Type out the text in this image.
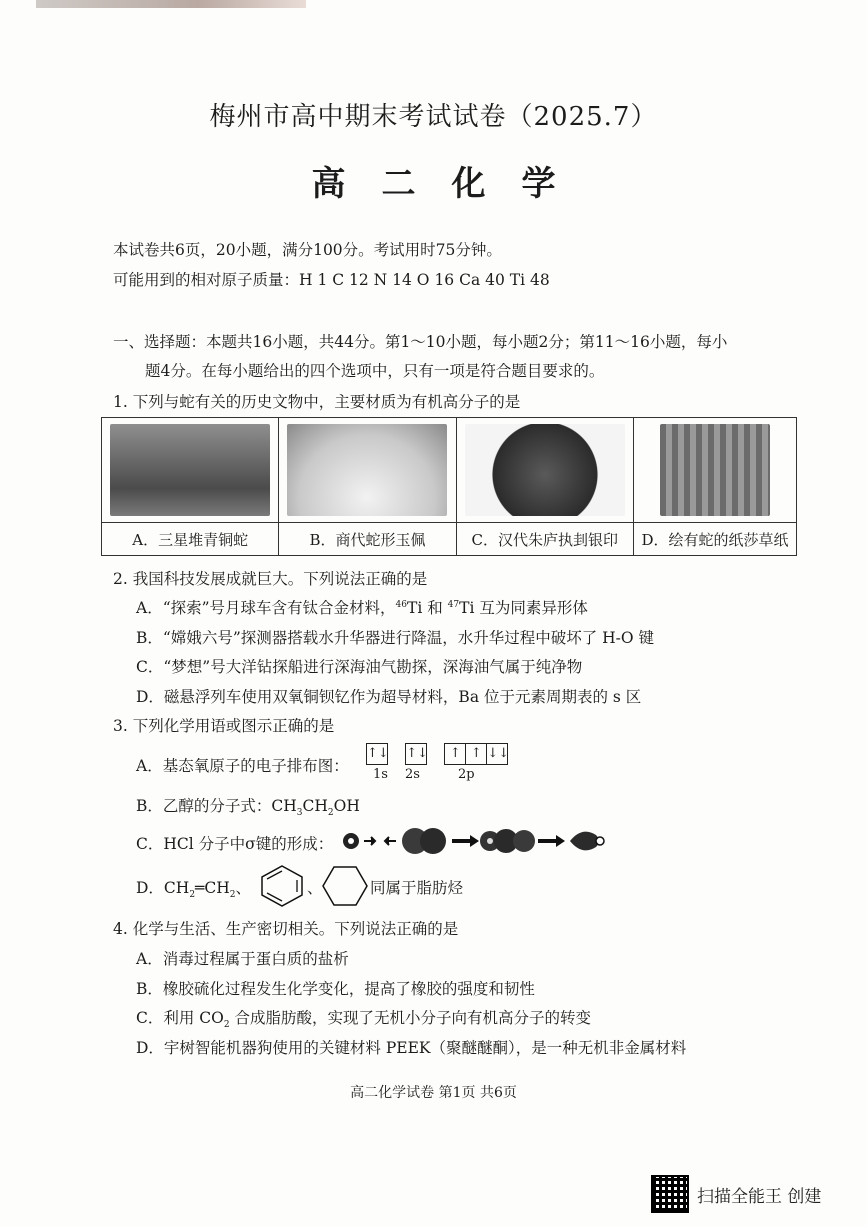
梅州市高中期末考试试卷（2025.7）
高二化学
本试卷共6页，20小题，满分100分。考试用时75分钟。
可能用到的相对原子质量：H 1 C 12 N 14 O 16 Ca 40 Ti 48
一、选择题：本题共16小题，共44分。第1～10小题，每小题2分；第11～16小题，每小
题4分。在每小题给出的四个选项中，只有一项是符合题目要求的。
1. 下列与蛇有关的历史文物中，主要材质为有机高分子的是

A．三星堆青铜蛇	B．商代蛇形玉佩	C．汉代朱庐执刲银印	D．绘有蛇的纸莎草纸
2. 我国科技发展成就巨大。下列说法正确的是
A．“探索”号月球车含有钛合金材料，$^{46}$Ti 和 $^{47}$Ti 互为同素异形体
B．“嫦娥六号”探测器搭载水升华器进行降温，水升华过程中破坏了 H-O 键
C．“梦想”号大洋钻探船进行深海油气勘探，深海油气属于纯净物
D．磁悬浮列车使用双氧铜钡钇作为超导材料，Ba 位于元素周期表的 s 区
3. 下列化学用语或图示正确的是
A．基态氧原子的电子排布图：
↑↓ ↑↓ ↑ ↑ ↓↓
1s 2s	2p
B．乙醇的分子式：$CH_3CH_2OH$
C．HCl 分子中σ键的形成：
D．$CH_2═CH_2$、	、	同属于脂肪烃
4. 化学与生活、生产密切相关。下列说法正确的是
A．消毒过程属于蛋白质的盐析
B．橡胶硫化过程发生化学变化，提高了橡胶的强度和韧性
C．利用 $CO_2$ 合成脂肪酸，实现了无机小分子向有机高分子的转变
D．宇树智能机器狗使用的关键材料 PEEK（聚醚醚酮），是一种无机非金属材料
高二化学试卷 第1页 共6页
扫描全能王 创建
